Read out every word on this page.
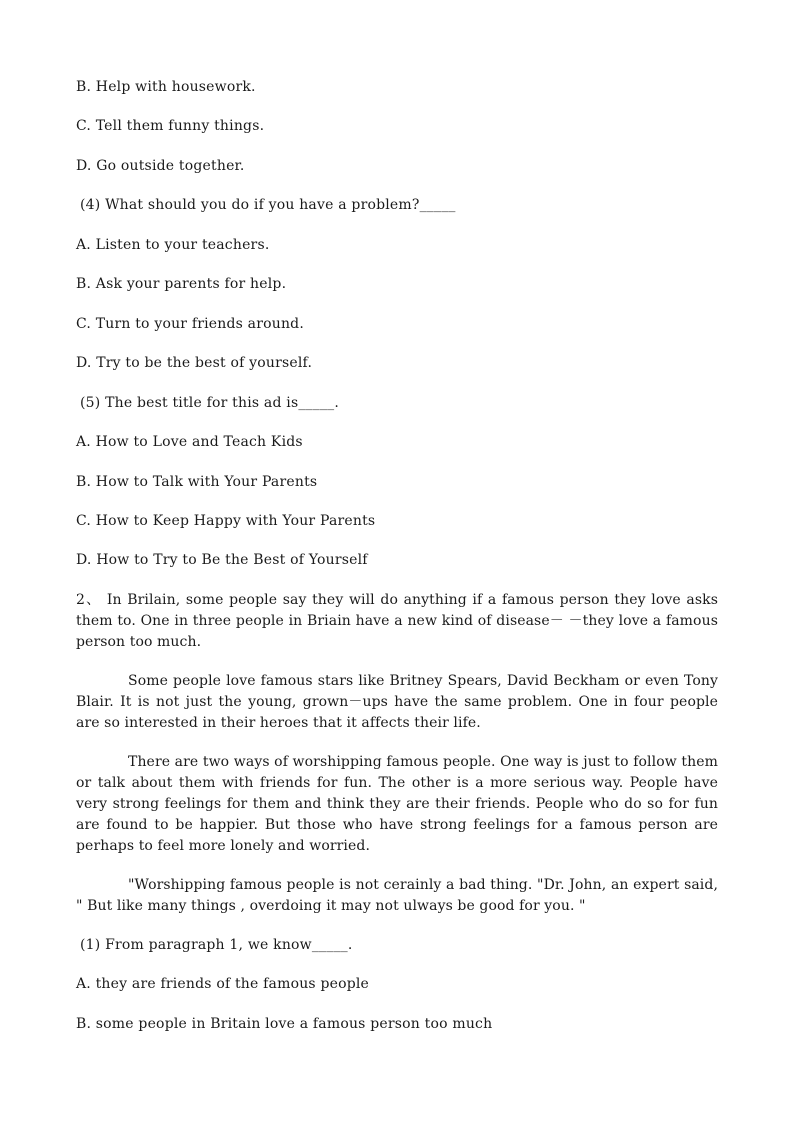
B. Help with housework.
C. Tell them funny things.
D. Go outside together.
(4) What should you do if you have a problem?_____
A. Listen to your teachers.
B. Ask your parents for help.
C. Turn to your friends around.
D. Try to be the best of yourself.
(5) The best title for this ad is_____.
A. How to Love and Teach Kids
B. How to Talk with Your Parents
C. How to Keep Happy with Your Parents
D. How to Try to Be the Best of Yourself
2、 In Brilain, some people say they will do anything if a famous person they love asks them to. One in three people in Briain have a new kind of disease－ －they love a famous person too much.
Some people love famous stars like Britney Spears, David Beckham or even Tony Blair. It is not just the young, grown－ups have the same problem. One in four people are so interested in their heroes that it affects their life.
There are two ways of worshipping famous people. One way is just to follow them or talk about them with friends for fun. The other is a more serious way. People have very strong feelings for them and think they are their friends. People who do so for fun are found to be happier. But those who have strong feelings for a famous person are perhaps to feel more lonely and worried.
"Worshipping famous people is not cerainly a bad thing. "Dr. John, an expert said, " But like many things , overdoing it may not ulways be good for you. "
(1) From paragraph 1, we know_____.
A. they are friends of the famous people
B. some people in Britain love a famous person too much
